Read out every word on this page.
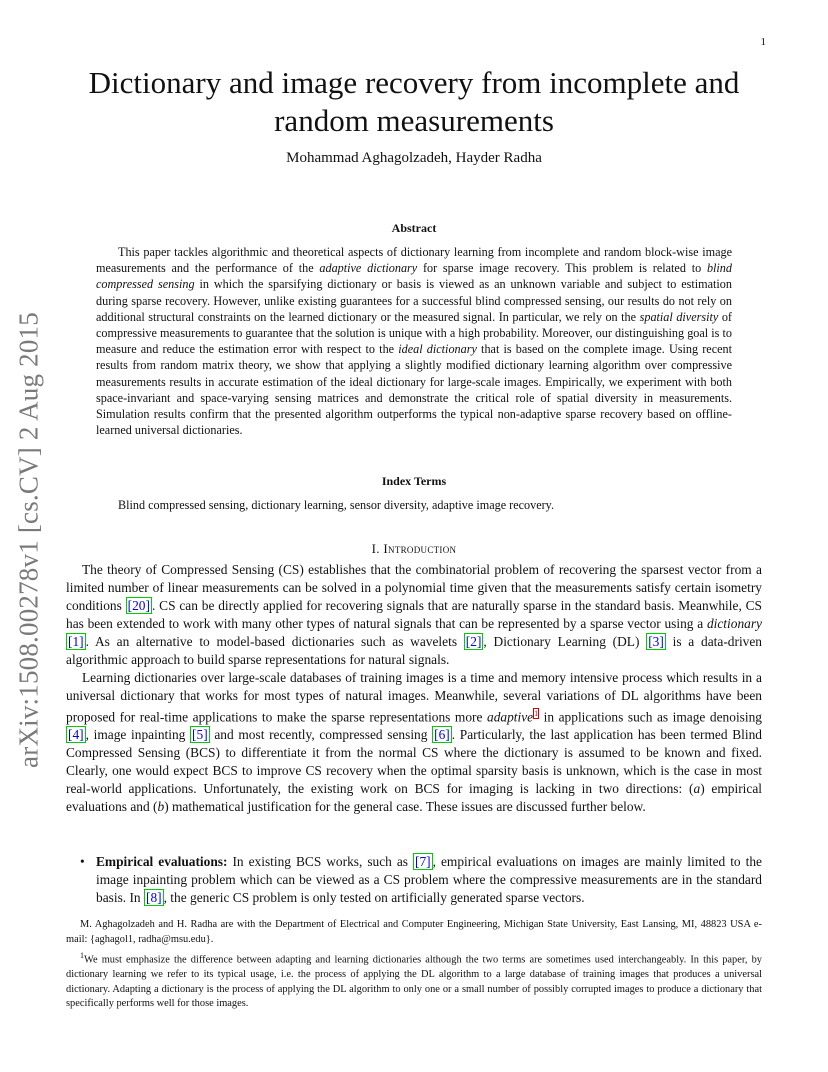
1
arXiv:1508.00278v1 [cs.CV] 2 Aug 2015
Dictionary and image recovery from incomplete and
random measurements
Mohammad Aghagolzadeh, Hayder Radha
Abstract
This paper tackles algorithmic and theoretical aspects of dictionary learning from incomplete and random block-wise image measurements and the performance of the adaptive dictionary for sparse image recovery. This problem is related to blind compressed sensing in which the sparsifying dictionary or basis is viewed as an unknown variable and subject to estimation during sparse recovery. However, unlike existing guarantees for a successful blind compressed sensing, our results do not rely on additional structural constraints on the learned dictionary or the measured signal. In particular, we rely on the spatial diversity of compressive measurements to guarantee that the solution is unique with a high probability. Moreover, our distinguishing goal is to measure and reduce the estimation error with respect to the ideal dictionary that is based on the complete image. Using recent results from random matrix theory, we show that applying a slightly modified dictionary learning algorithm over compressive measurements results in accurate estimation of the ideal dictionary for large-scale images. Empirically, we experiment with both space-invariant and space-varying sensing matrices and demonstrate the critical role of spatial diversity in measurements. Simulation results confirm that the presented algorithm outperforms the typical non-adaptive sparse recovery based on offline-learned universal dictionaries.
Index Terms
Blind compressed sensing, dictionary learning, sensor diversity, adaptive image recovery.
I. Introduction

The theory of Compressed Sensing (CS) establishes that the combinatorial problem of recovering the sparsest vector from a limited number of linear measurements can be solved in a polynomial time given that the measurements satisfy certain isometry conditions [20] . CS can be directly applied for recovering signals that are naturally sparse in the standard basis. Meanwhile, CS has been extended to work with many other types of natural signals that can be represented by a sparse vector using a dictionary [1] . As an alternative to model-based dictionaries such as wavelets [2] , Dictionary Learning (DL) [3] is a data-driven algorithmic approach to build sparse representations for natural signals.

Learning dictionaries over large-scale databases of training images is a time and memory intensive process which results in a universal dictionary that works for most types of natural images. Meanwhile, several variations of DL algorithms have been proposed for real-time applications to make the sparse representations more adaptive$^1$ in applications such as image denoising [4] , image inpainting [5] and most recently, compressed sensing [6] . Particularly, the last application has been termed Blind Compressed Sensing (BCS) to differentiate it from the normal CS where the dictionary is assumed to be known and fixed. Clearly, one would expect BCS to improve CS recovery when the optimal sparsity basis is unknown, which is the case in most real-world applications. Unfortunately, the existing work on BCS for imaging is lacking in two directions: (a) empirical evaluations and (b) mathematical justification for the general case. These issues are discussed further below.

• Empirical evaluations: In existing BCS works, such as [7] , empirical evaluations on images are mainly limited to the image inpainting problem which can be viewed as a CS problem where the compressive measurements are in the standard basis. In [8] , the generic CS problem is only tested on artificially generated sparse vectors.

M. Aghagolzadeh and H. Radha are with the Department of Electrical and Computer Engineering, Michigan State University, East Lansing, MI, 48823 USA e-mail: {aghagol1, radha@msu.edu}.

$^1$We must emphasize the difference between adapting and learning dictionaries although the two terms are sometimes used interchangeably. In this paper, by dictionary learning we refer to its typical usage, i.e. the process of applying the DL algorithm to a large database of training images that produces a universal dictionary. Adapting a dictionary is the process of applying the DL algorithm to only one or a small number of possibly corrupted images to produce a dictionary that specifically performs well for those images.
